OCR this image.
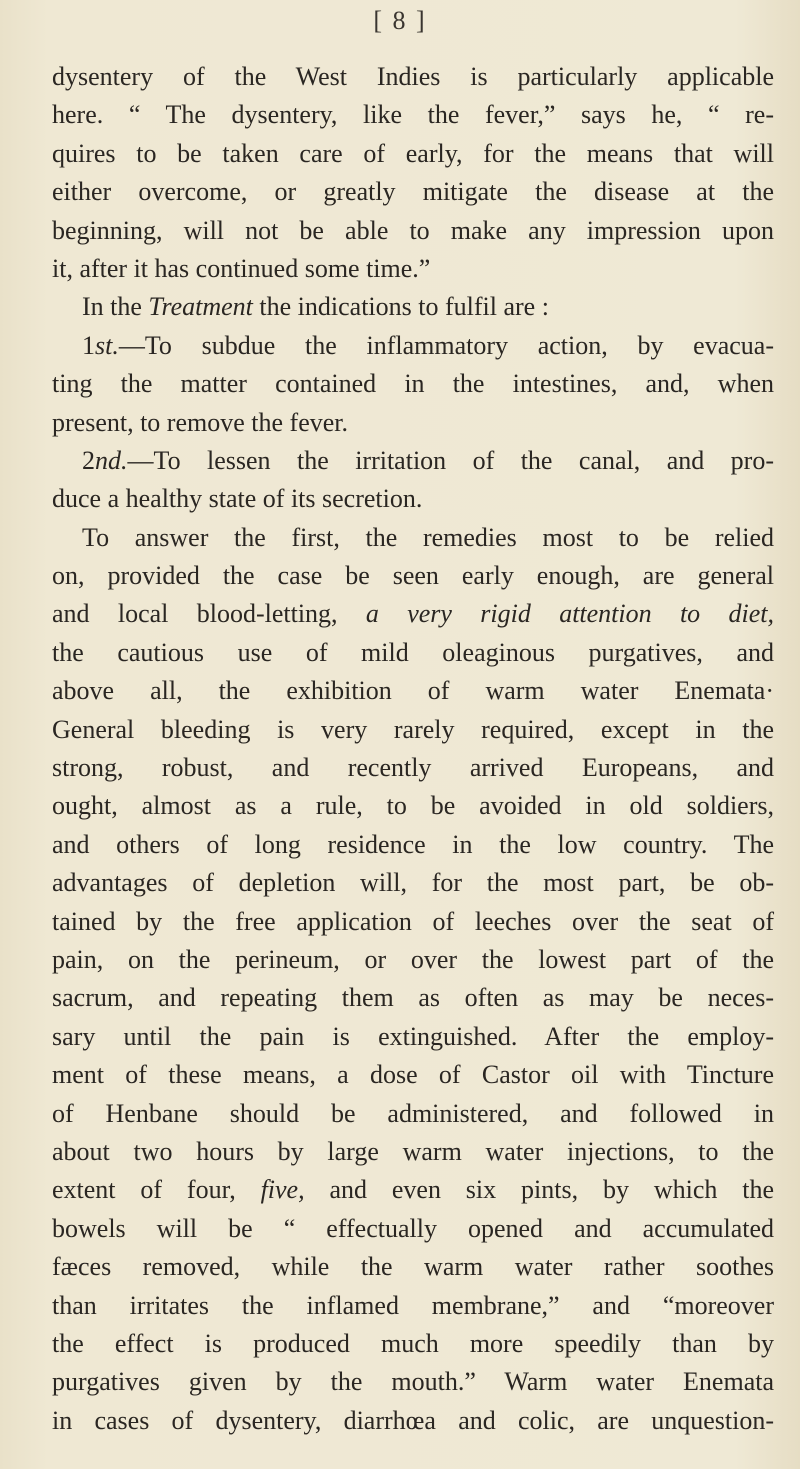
[ 8 ]
dysentery of the West Indies is particularly applicable
here. “ The dysentery, like the fever,” says he, “ re-
quires to be taken care of early, for the means that will
either overcome, or greatly mitigate the disease at the
beginning, will not be able to make any impression upon
it, after it has continued some time.”
In the Treatment the indications to fulfil are :
1st.—To subdue the inflammatory action, by evacua-
ting the matter contained in the intestines, and, when
present, to remove the fever.
2nd.—To lessen the irritation of the canal, and pro-
duce a healthy state of its secretion.
To answer the first, the remedies most to be relied
on, provided the case be seen early enough, are general
and local blood-letting, a very rigid attention to diet,
the cautious use of mild oleaginous purgatives, and
above all, the exhibition of warm water Enemata·
General bleeding is very rarely required, except in the
strong, robust, and recently arrived Europeans, and
ought, almost as a rule, to be avoided in old soldiers,
and others of long residence in the low country. The
advantages of depletion will, for the most part, be ob-
tained by the free application of leeches over the seat of
pain, on the perineum, or over the lowest part of the
sacrum, and repeating them as often as may be neces-
sary until the pain is extinguished. After the employ-
ment of these means, a dose of Castor oil with Tincture
of Henbane should be administered, and followed in
about two hours by large warm water injections, to the
extent of four, five, and even six pints, by which the
bowels will be “ effectually opened and accumulated
fæces removed, while the warm water rather soothes
than irritates the inflamed membrane,” and “moreover
the effect is produced much more speedily than by
purgatives given by the mouth.” Warm water Enemata
in cases of dysentery, diarrhœa and colic, are unquestion-
